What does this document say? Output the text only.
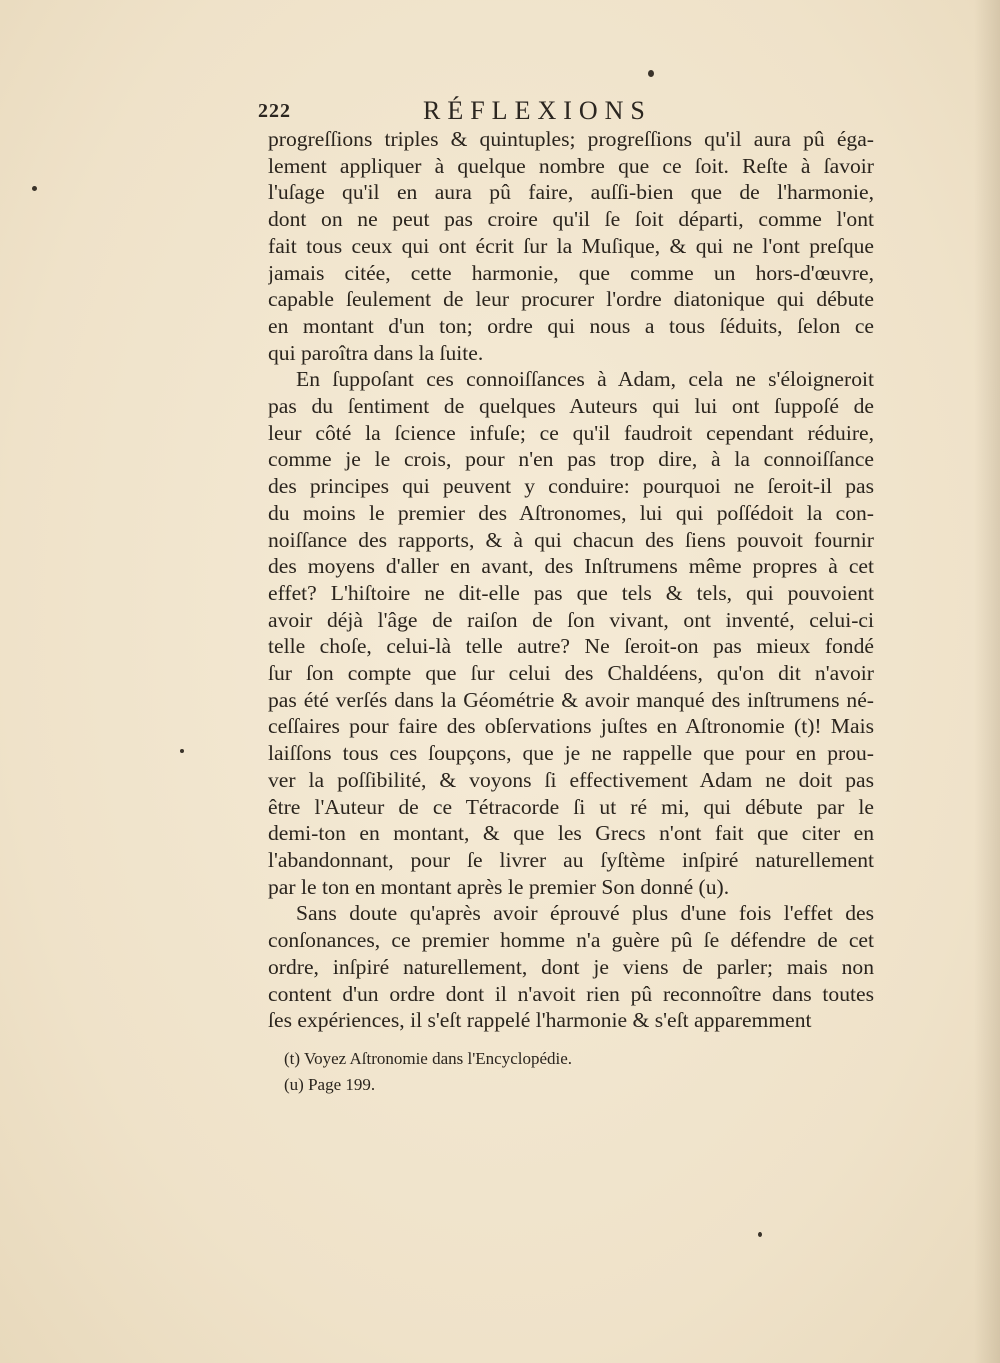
222	RÉFLEXIONS

progreſſions triples & quintuples; progreſſions qu'il aura pû éga-
lement appliquer à quelque nombre que ce ſoit. Reſte à ſavoir
l'uſage qu'il en aura pû faire, auſſi-bien que de l'harmonie,
dont on ne peut pas croire qu'il ſe ſoit départi, comme l'ont
fait tous ceux qui ont écrit ſur la Muſique, & qui ne l'ont preſque
jamais citée, cette harmonie, que comme un hors-d'œuvre,
capable ſeulement de leur procurer l'ordre diatonique qui débute
en montant d'un ton; ordre qui nous a tous ſéduits, ſelon ce
qui paroîtra dans la ſuite.

En ſuppoſant ces connoiſſances à Adam, cela ne s'éloigneroit
pas du ſentiment de quelques Auteurs qui lui ont ſuppoſé de
leur côté la ſcience infuſe; ce qu'il faudroit cependant réduire,
comme je le crois, pour n'en pas trop dire, à la connoiſſance
des principes qui peuvent y conduire: pourquoi ne ſeroit-il pas
du moins le premier des Aſtronomes, lui qui poſſédoit la con-
noiſſance des rapports, & à qui chacun des ſiens pouvoit fournir
des moyens d'aller en avant, des Inſtrumens même propres à cet
effet? L'hiſtoire ne dit-elle pas que tels & tels, qui pouvoient
avoir déjà l'âge de raiſon de ſon vivant, ont inventé, celui-ci
telle choſe, celui-là telle autre? Ne ſeroit-on pas mieux fondé
ſur ſon compte que ſur celui des Chaldéens, qu'on dit n'avoir
pas été verſés dans la Géométrie & avoir manqué des inſtrumens né-
ceſſaires pour faire des obſervations juſtes en Aſtronomie (t)! Mais
laiſſons tous ces ſoupçons, que je ne rappelle que pour en prou-
ver la poſſibilité, & voyons ſi effectivement Adam ne doit pas
être l'Auteur de ce Tétracorde ſi ut ré mi, qui débute par le
demi-ton en montant, & que les Grecs n'ont fait que citer en
l'abandonnant, pour ſe livrer au ſyſtème inſpiré naturellement
par le ton en montant après le premier Son donné (u).

Sans doute qu'après avoir éprouvé plus d'une fois l'effet des
conſonances, ce premier homme n'a guère pû ſe défendre de cet
ordre, inſpiré naturellement, dont je viens de parler; mais non
content d'un ordre dont il n'avoit rien pû reconnoître dans toutes
ſes expériences, il s'eſt rappelé l'harmonie & s'eſt apparemment

(t) Voyez Aſtronomie dans l'Encyclopédie.
(u) Page 199.
